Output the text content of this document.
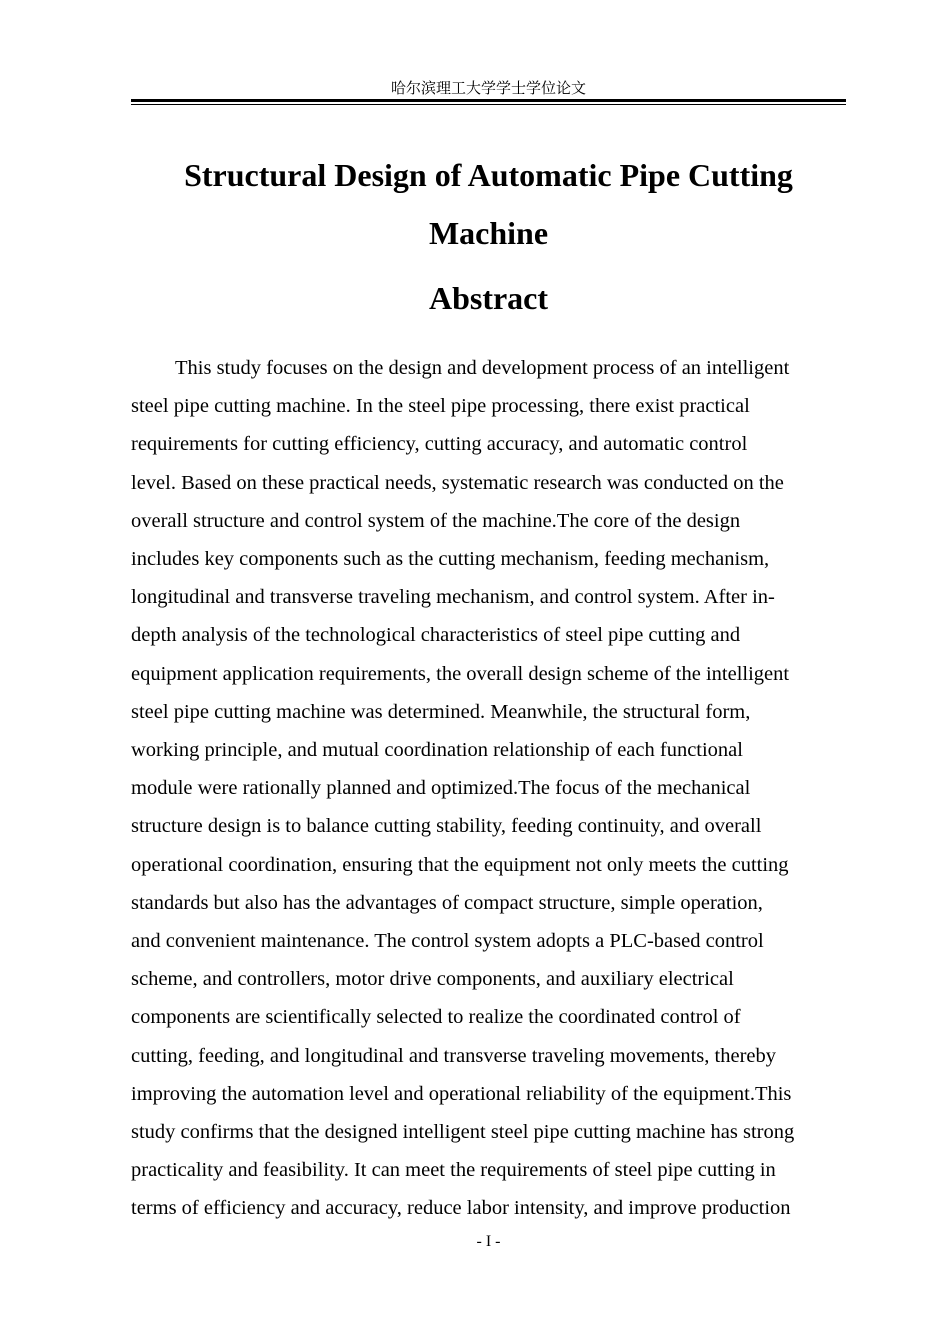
哈尔滨理工大学学士学位论文
Structural Design of Automatic Pipe Cutting Machine
Abstract

This study focuses on the design and development process of an intelligent
steel pipe cutting machine. In the steel pipe processing, there exist practical
requirements for cutting efficiency, cutting accuracy, and automatic control
level. Based on these practical needs, systematic research was conducted on the
overall structure and control system of the machine.The core of the design
includes key components such as the cutting mechanism, feeding mechanism,
longitudinal and transverse traveling mechanism, and control system. After in-
depth analysis of the technological characteristics of steel pipe cutting and
equipment application requirements, the overall design scheme of the intelligent
steel pipe cutting machine was determined. Meanwhile, the structural form,
working principle, and mutual coordination relationship of each functional
module were rationally planned and optimized.The focus of the mechanical
structure design is to balance cutting stability, feeding continuity, and overall
operational coordination, ensuring that the equipment not only meets the cutting
standards but also has the advantages of compact structure, simple operation,
and convenient maintenance. The control system adopts a PLC-based control
scheme, and controllers, motor drive components, and auxiliary electrical
components are scientifically selected to realize the coordinated control of
cutting, feeding, and longitudinal and transverse traveling movements, thereby
improving the automation level and operational reliability of the equipment.This
study confirms that the designed intelligent steel pipe cutting machine has strong
practicality and feasibility. It can meet the requirements of steel pipe cutting in
terms of efficiency and accuracy, reduce labor intensity, and improve production

- I -
